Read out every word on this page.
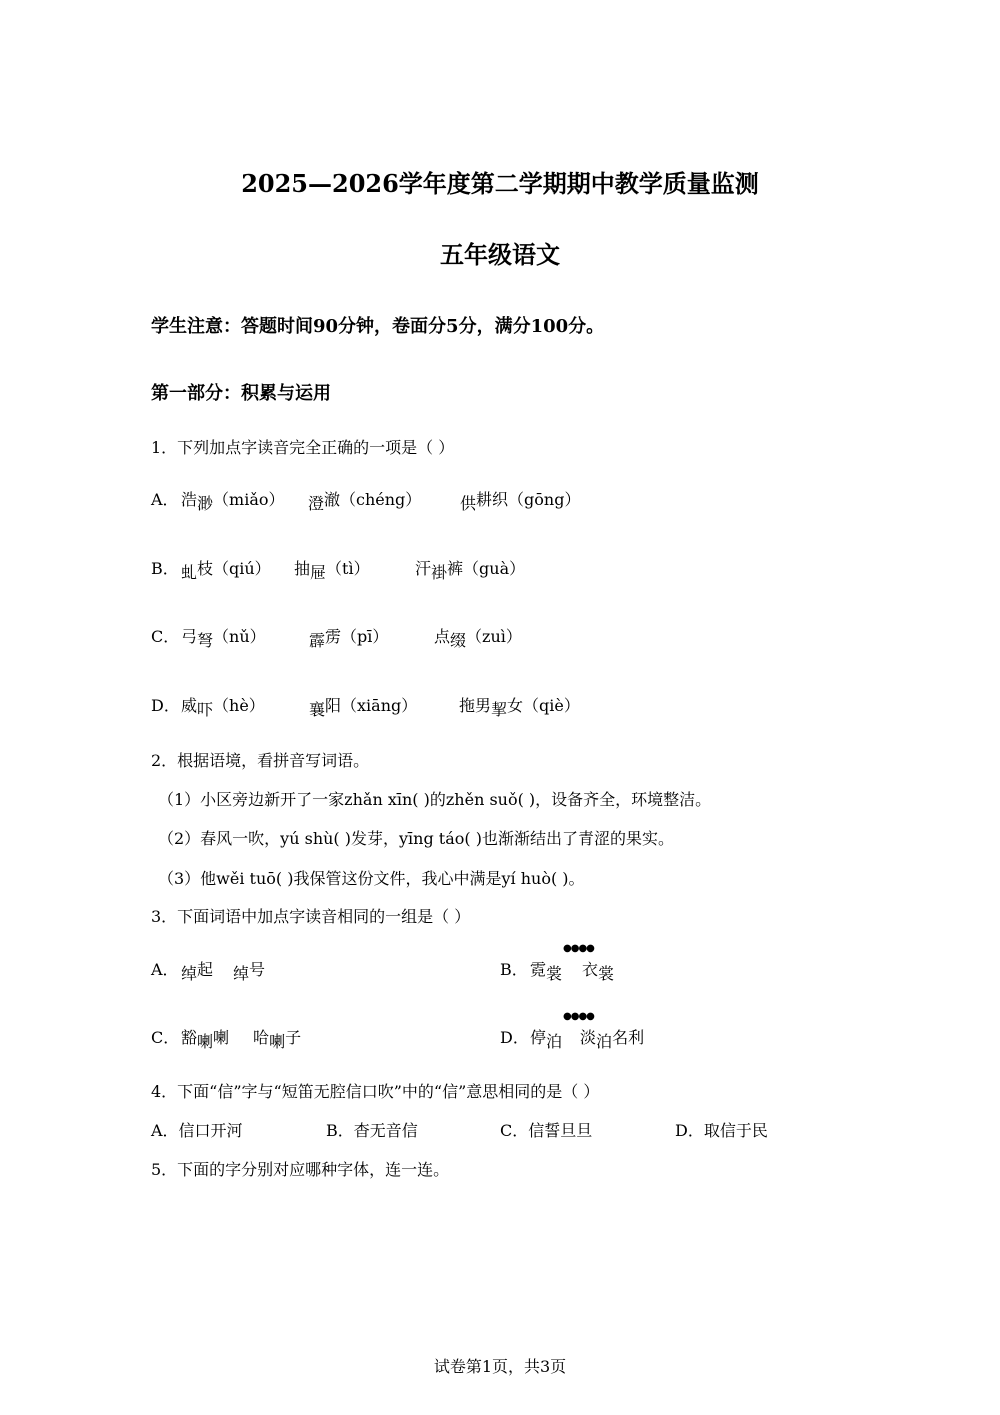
2025—2026学年度第二学期期中教学质量监测
五年级语文
学生注意：答题时间90分钟，卷面分5分，满分100分。
第一部分：积累与运用
1．下列加点字读音完全正确的一项是（ ）
A． 浩渺（miǎo）	澄澈（chéng）	供耕织（gōng）
B． 虬枝（qiú）	抽屉（tì）	汗褂裤（guà）
C． 弓弩（nǔ）	霹雳（pī）	点缀（zuì）
D． 威吓（hè）	襄阳（xiāng）	拖男挈女（qiè）
2．根据语境，看拼音写词语。
（1）小区旁边新开了一家zhǎn xīn( )的zhěn suǒ( )，设备齐全，环境整洁。
（2）春风一吹，yú shù( )发芽，yīng táo( )也渐渐结出了青涩的果实。
（3）他wěi tuō( )我保管这份文件，我心中满是yí huò( )。
3．下面词语中加点字读音相同的一组是（ ）
A． 绰起 绰号	B． 霓裳 衣裳
●●●●
C． 豁喇喇 哈喇子	D．停泊 淡泊名利
●●●●
4．下面“信”字与“短笛无腔信口吹”中的“信”意思相同的是（ ）
A．信口开河	B．杳无音信	C．信誓旦旦	D．取信于民
5．下面的字分别对应哪种字体，连一连。
试卷第1页，共3页
